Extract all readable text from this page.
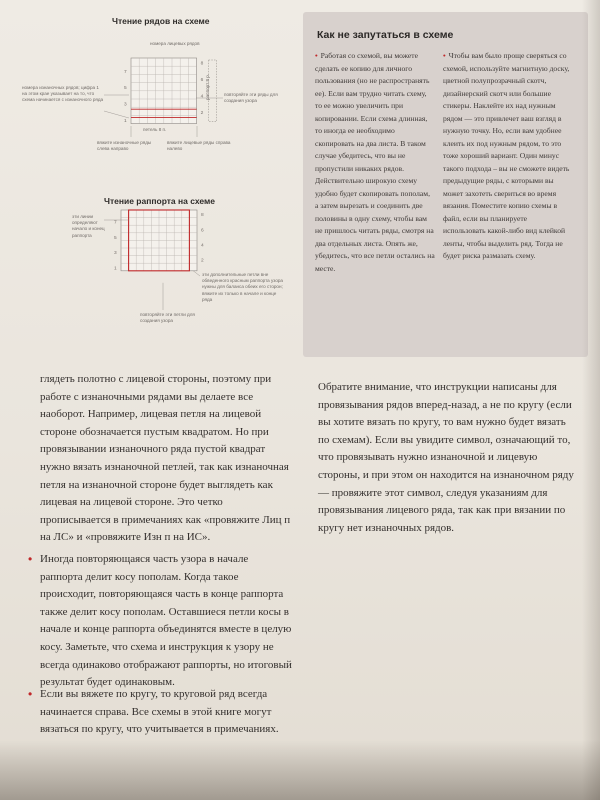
Чтение рядов на схеме
номера лицевых рядов
номера изнаночных рядов; цифра 1 на этом крае указывает на то, что схема начинается с изнаночного ряда
повторяйте эти ряды для создания узора
петель 8 п.
вяжите изнаночные ряды слева направо
вяжите лицевые ряды справа налево
8
6
4
2
7
5
3
1
Чтение раппорта на схеме
эти линии определяют начало и конец раппорта
эти дополнительные петли вне обведенного красным раппорта узора нужны для баланса обеих его сторон; вяжите их только в начале и конце ряда
повторяйте эти петли для создания узора
8
6
4
2
7
5
3
1
Как не запутаться в схеме

• Работая со схемой, вы можете сделать ее копию для личного пользования (но не распространять ее). Если вам трудно читать схему, то ее можно увеличить при копировании. Если схема длинная, то иногда ее необходимо скопировать на два листа. В таком случае убедитесь, что вы не пропустили никаких рядов. Действительно широкую схему удобно будет скопировать пополам, а затем вырезать и соединить две половины в одну схему, чтобы вам не пришлось читать ряды, смотря на два отдельных листа. Опять же, убедитесь, что все петли остались на месте.

• Чтобы вам было проще сверяться со схемой, используйте магнитную доску, цветной полупрозрачный скотч, дизайнерский скотч или большие стикеры. Наклейте их над нужным рядом — это привлечет ваш взгляд в нужную точку. Но, если вам удобнее клеить их под нужным рядом, то это тоже хороший вариант. Один минус такого подхода – вы не сможете видеть предыдущие ряды, с которыми вы может захотеть свериться во время вязания. Поместите копию схемы в файл, если вы планируете использовать какой-либо вид клейкой ленты, чтобы выделить ряд. Тогда не будет риска размазать схему.

глядеть полотно с лицевой стороны, поэтому при работе с изнаночными рядами вы делаете все наоборот. Например, лицевая петля на лицевой стороне обозначается пустым квадратом. Но при провязывании изнаночного ряда пустой квадрат нужно вязать изнаночной петлей, так как изнаночная петля на изнаночной стороне будет выглядеть как лицевая на лицевой стороне. Это четко прописывается в примечаниях как «провяжите Лиц п на ЛС» и «провяжите Изн п на ИС».

• Иногда повторяющаяся часть узора в начале раппорта делит косу пополам. Когда такое происходит, повторяющаяся часть в конце раппорта также делит косу пополам. Оставшиеся петли косы в начале и конце раппорта объединятся вместе в целую косу. Заметьте, что схема и инструкция к узору не всегда одинаково отображают раппорты, но итоговый результат будет одинаковым.

• Если вы вяжете по кругу, то круговой ряд всегда начинается справа. Все схемы в этой книге могут вязаться по кругу, что учитывается в примечаниях.

Обратите внимание, что инструкции написаны для провязывания рядов вперед-назад, а не по кругу (если вы хотите вязать по кругу, то вам нужно будет вязать по схемам). Если вы увидите символ, означающий то, что провязывать нужно изнаночной и лицевую стороны, и при этом он находится на изнаночном ряду — провяжите этот символ, следуя указаниям для провязывания лицевого ряда, так как при вязании по кругу нет изнаночных рядов.
